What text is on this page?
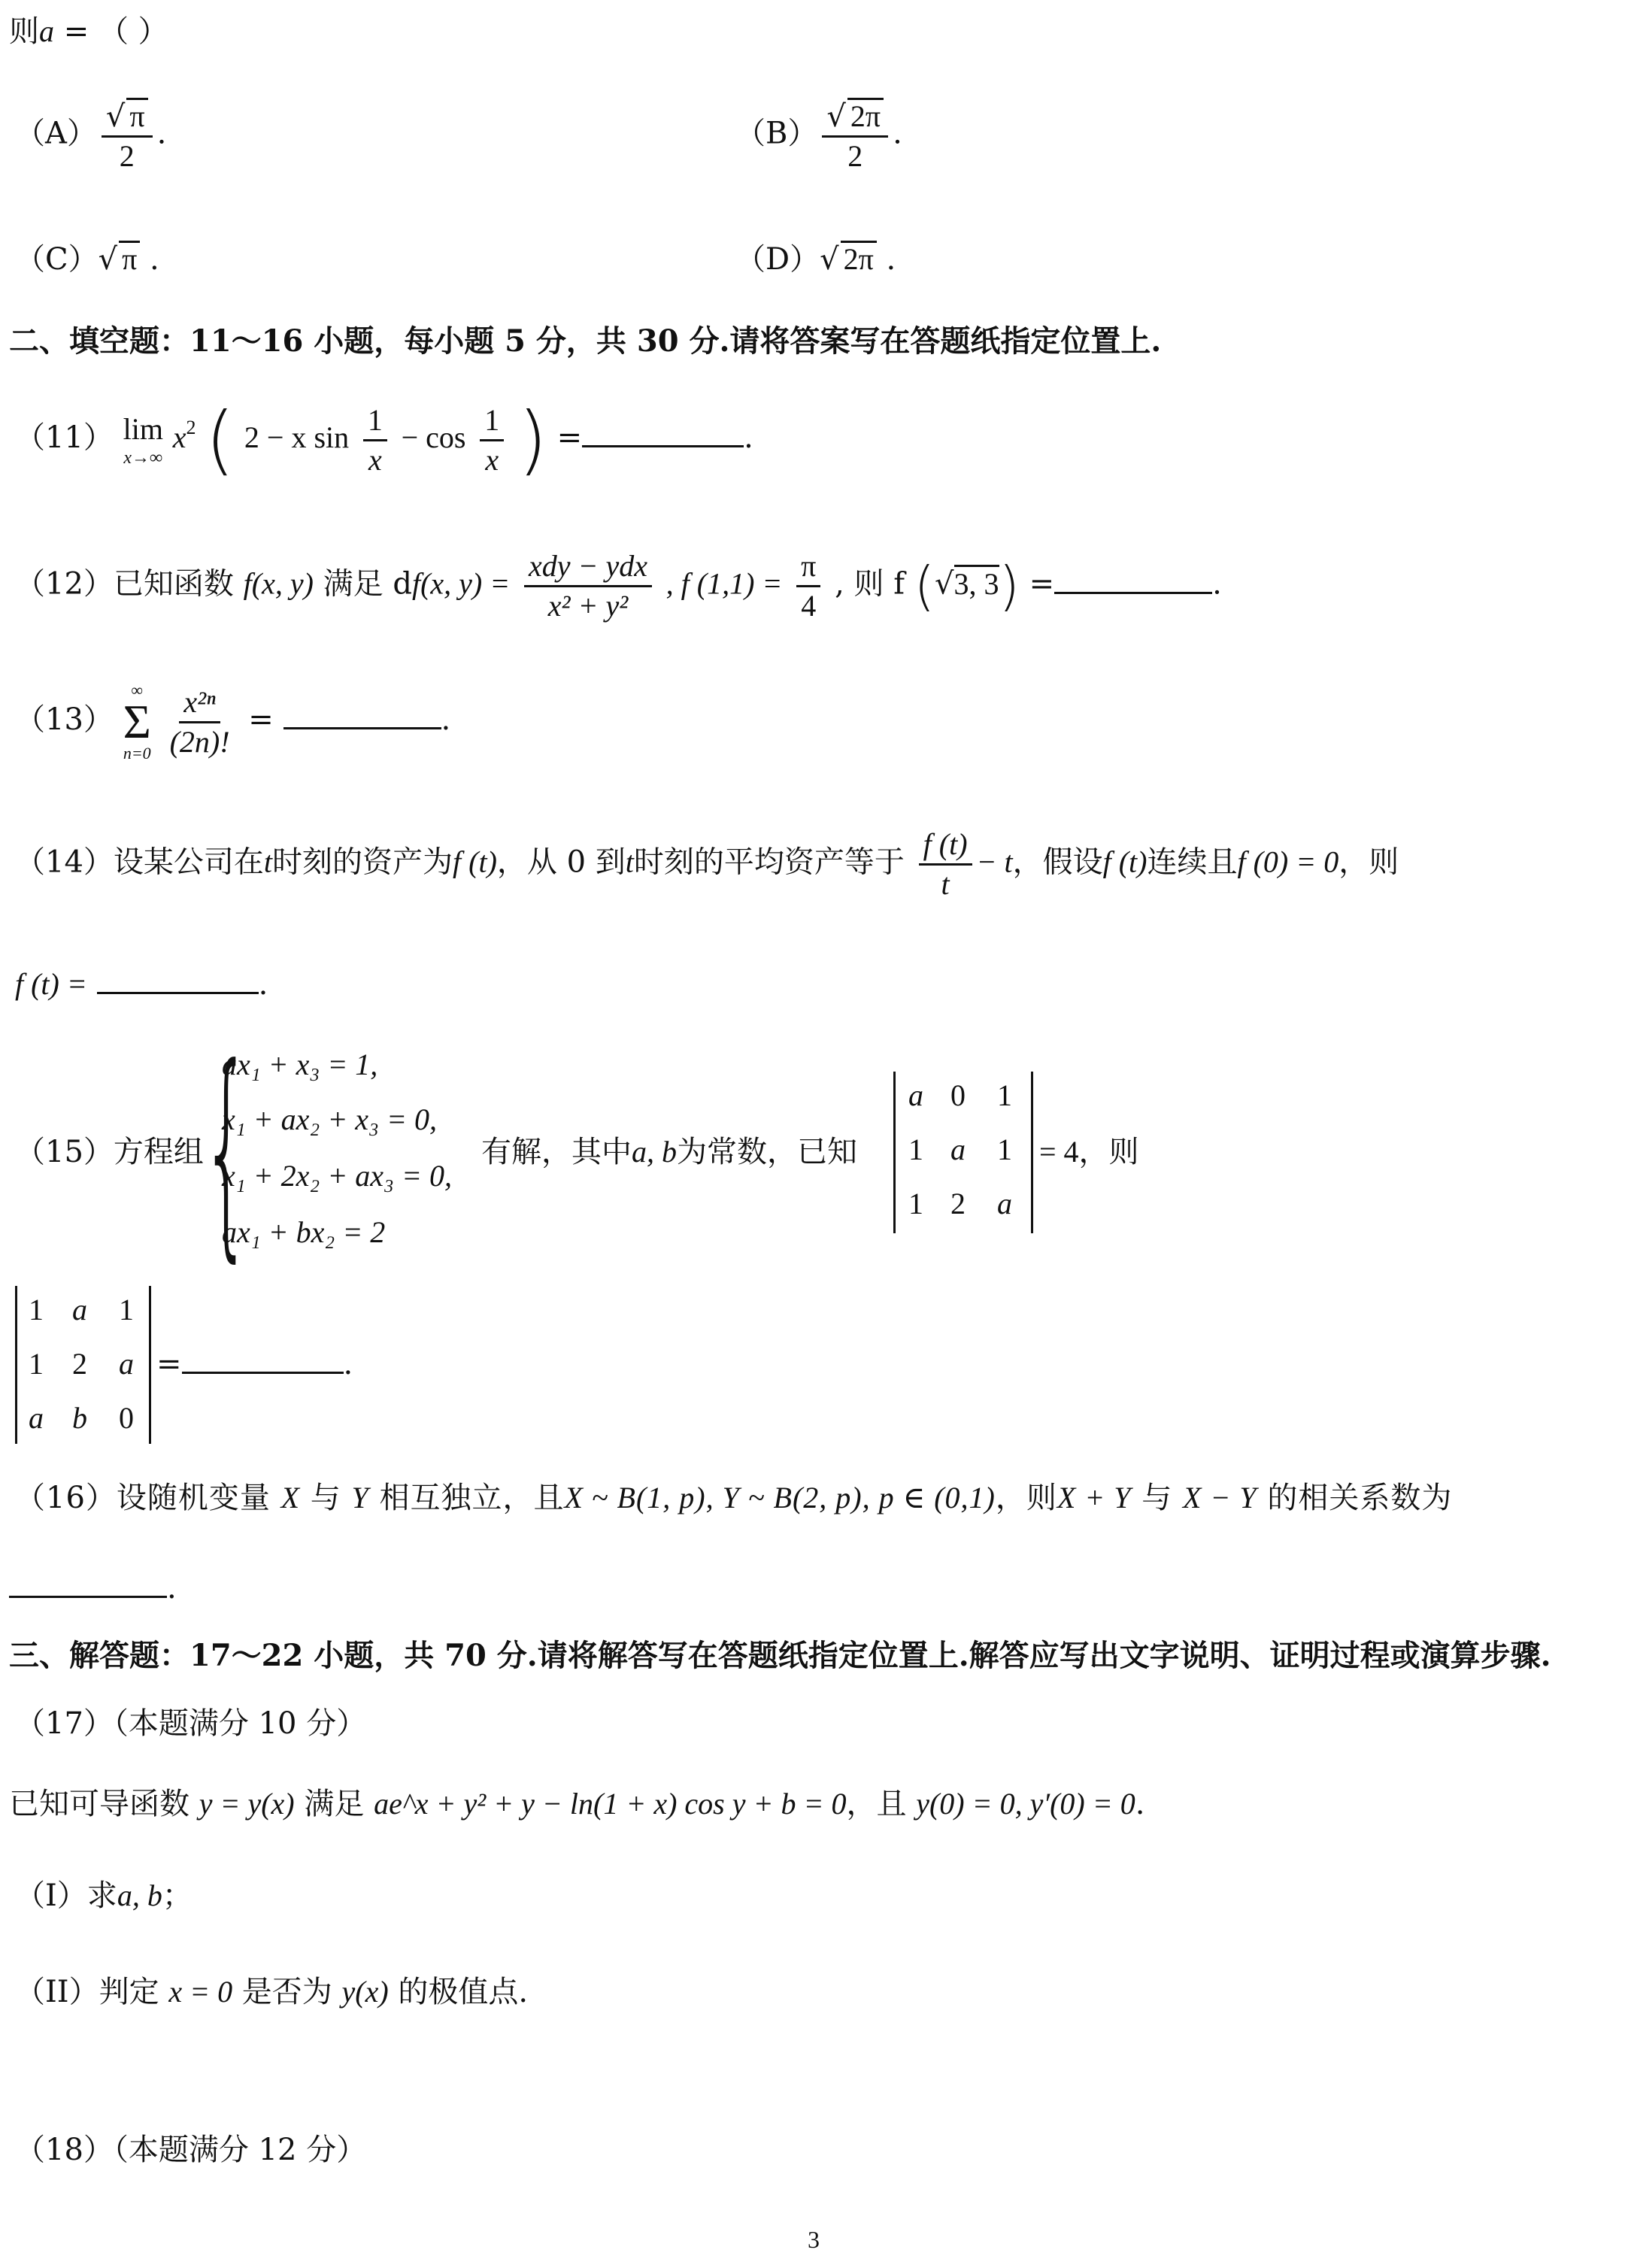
则a = （ ）
$(A) \frac{√ \pi}{2}$ .	$(B) \frac{√ 2\pi}{2}$ .
（C）√ π .	（D）√ 2π .
二、填空题：11～16 小题，每小题 5 分，共 30 分.请将答案写在答题纸指定位置上.
（11） lim
x→∞
$x^2$ ( 2 − x $\sin \frac{1}{x} - \cos \frac{1}{x}$ ) =	.
（12）已知函数 f(x, y) 满足 df(x, $y) = \frac{\text{xdy − ydx}}{\text{x² + y²}}$ , f $(1,1) = \frac{\pi}{4}$ , 则 f (√3, 3) =	.
（13）
∞
Σ
n=0
$\frac{\text{x²ⁿ}}{(2n)!}$ =	.
（14）设某公司在t时刻的资产为f (t)，从 0 到t时刻的平均资产等于 $\frac{f (t)}{t} - t$，假设f (t)连续且f (0) = 0，则
f (t) =	.
（15）方程组
{
ax₁ + x₃ = 1,
x₁ + ax₂ + x₃ = 0,
x₁ + 2x₂ + ax₃ = 0,
ax₁ + bx₂ = 2
有解，其中a, b为常数，已知
a 0	1
1 a	1
1 2	a
= 4，则
1 a	1
1 2	a
a b	0
=	.
（16）设随机变量 X 与 Y 相互独立，且X ~ B(1, p), Y ~ B(2, p), p ∈ (0,1)，则X + Y 与 X − Y 的相关系数为
.
三、解答题：17～22 小题，共 70 分.请将解答写在答题纸指定位置上.解答应写出文字说明、证明过程或演算步骤.
（17）（本题满分 10 分）
已知可导函数 y = y(x) 满足 ae^x + y² + y − ln(1 + x) cos y + b = 0，且 y(0) = 0, y′(0) = 0.
（I）求a, b；
（II）判定 x = 0 是否为 y(x) 的极值点.
（18）（本题满分 12 分）
3
